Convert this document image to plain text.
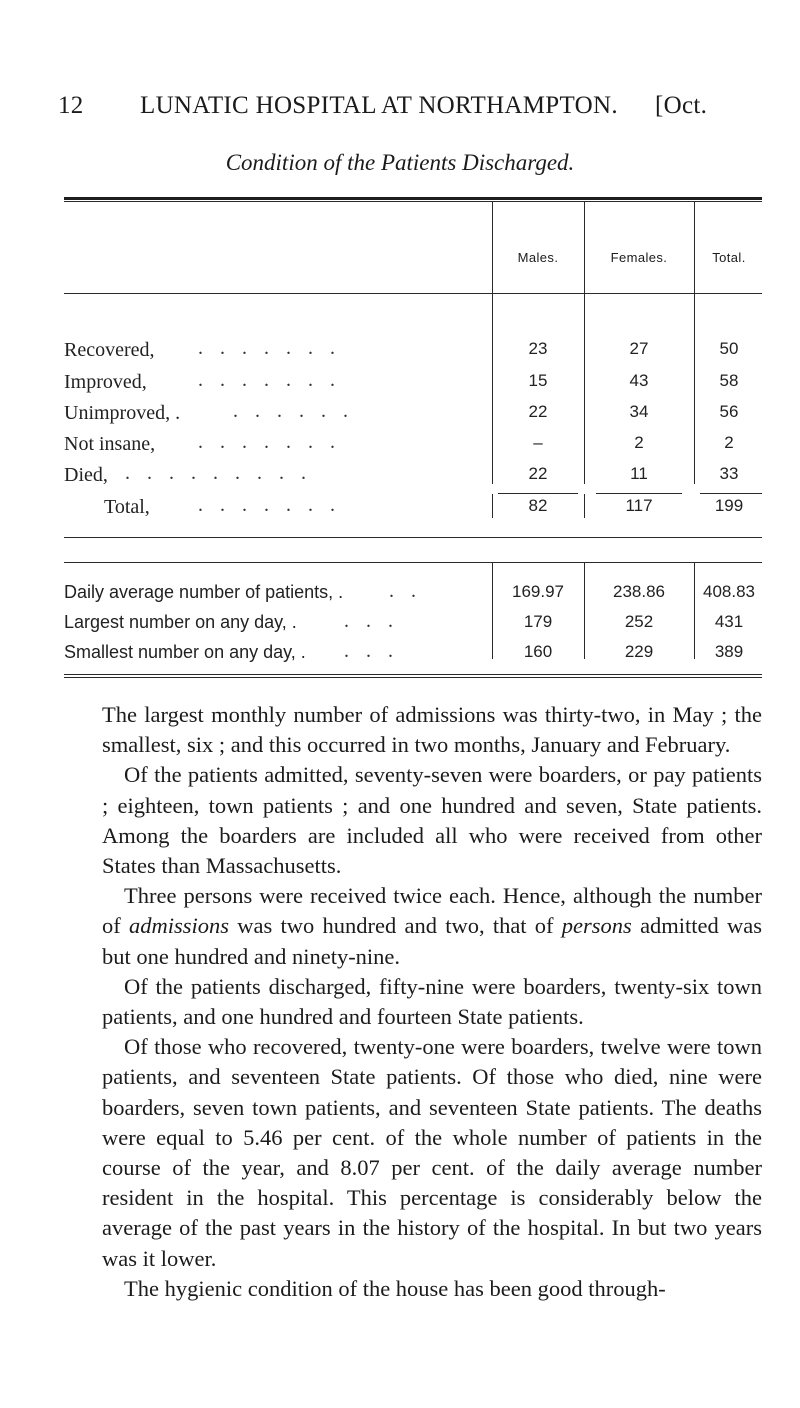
12 LUNATIC HOSPITAL AT NORTHAMPTON. [Oct.
Condition of the Patients Discharged.
Males.	Females.	Total.
Recovered, .......	23	27	50
Improved,	.......	15	43	58
Unimproved, .	......	22	34	56
Not insane, .......	–	2	2
Died, .........	22	11	33
Total, .......	82	117	199
Daily average number of patients, . ..	169.97	238.86	408.83
Largest number on any day, . ...	179	252	431
Smallest number on any day, . ...	160	229	389

The largest monthly number of admissions was thirty-two, in May ; the smallest, six ; and this occurred in two months, January and February.

Of the patients admitted, seventy-seven were boarders, or pay patients ; eighteen, town patients ; and one hundred and seven, State patients. Among the boarders are included all who were received from other States than Massachusetts.

Three persons were received twice each. Hence, although the number of admissions was two hundred and two, that of persons admitted was but one hundred and ninety-nine.

Of the patients discharged, fifty-nine were boarders, twenty-six town patients, and one hundred and fourteen State patients.

Of those who recovered, twenty-one were boarders, twelve were town patients, and seventeen State patients. Of those who died, nine were boarders, seven town patients, and seventeen State patients. The deaths were equal to 5.46 per cent. of the whole number of patients in the course of the year, and 8.07 per cent. of the daily average number resident in the hospital. This percentage is considerably below the average of the past years in the history of the hospital. In but two years was it lower.

The hygienic condition of the house has been good through-
